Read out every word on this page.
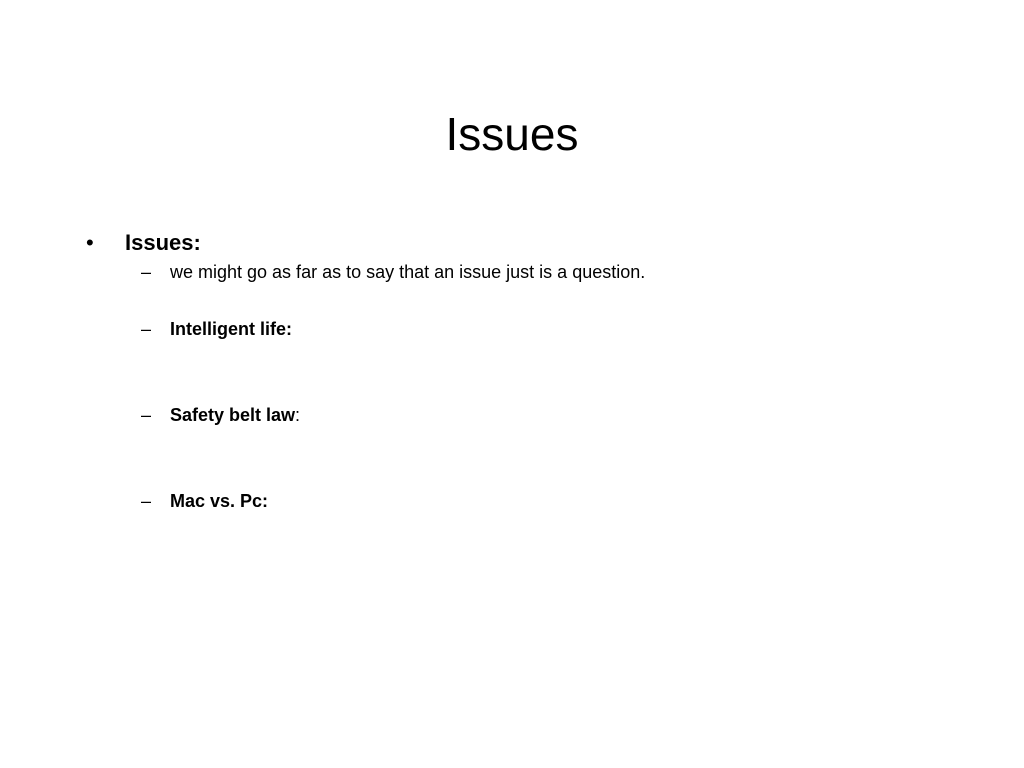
Issues
• Issues:
– we might go as far as to say that an issue just is a question.
– Intelligent life:
– Safety belt law:
– Mac vs. Pc:
